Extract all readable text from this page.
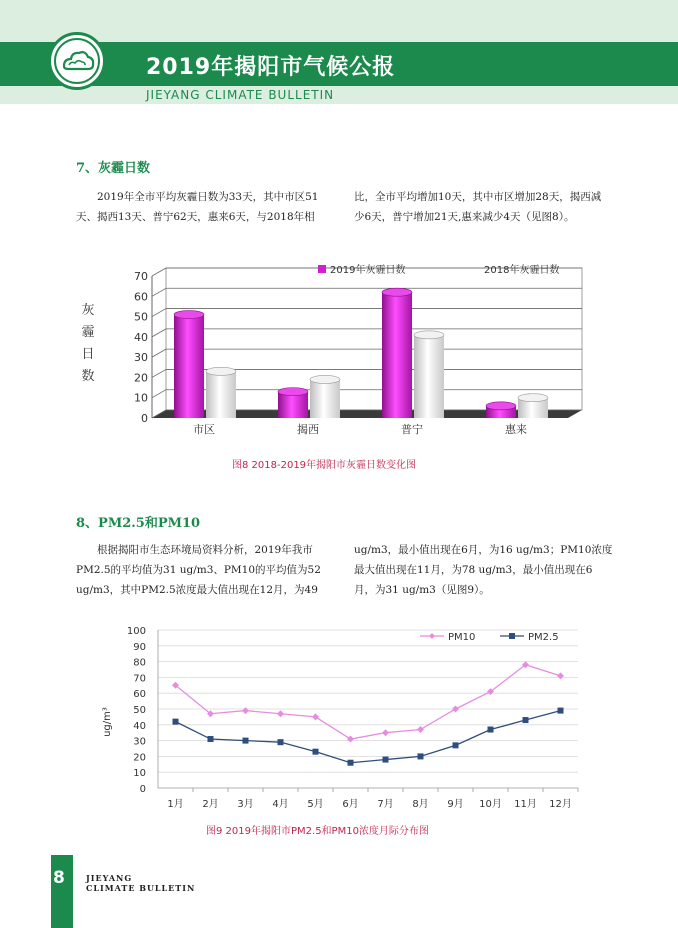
2019年揭阳市气候公报
JIEYANG CLIMATE BULLETIN
7、灰霾日数
2019年全市平均灰霾日数为33天，其中市区51
天、揭西13天、普宁62天，惠来6天，与2018年相
比，全市平均增加10天，其中市区增加28天，揭西减
少6天，普宁增加21天,惠来减少4天（见图8）。
0
10
20
30
40
50
60
70
灰
霾
日
数
市区	揭西	普宁	惠来
2019年灰霾日数	2018年灰霾日数
图8 2018-2019年揭阳市灰霾日数变化图
8、PM2.5和PM10
根据揭阳市生态环境局资料分析，2019年我市
PM2.5的平均值为31 ug/m3、PM10的平均值为52
ug/m3，其中PM2.5浓度最大值出现在12月，为49
ug/m3，最小值出现在6月，为16 ug/m3；PM10浓度
最大值出现在11月，为78 ug/m3，最小值出现在6
月，为31 ug/m3（见图9）。
0
10
20
30
40
50
60
70
80
90
100
ug/m³
1月 2月 3月 4月 5月 6月 7月 8月 9月 10月 11月 12月
PM10	PM2.5
图9 2019年揭阳市PM2.5和PM10浓度月际分布图
8	JIEYANG
CLIMATE BULLETIN
